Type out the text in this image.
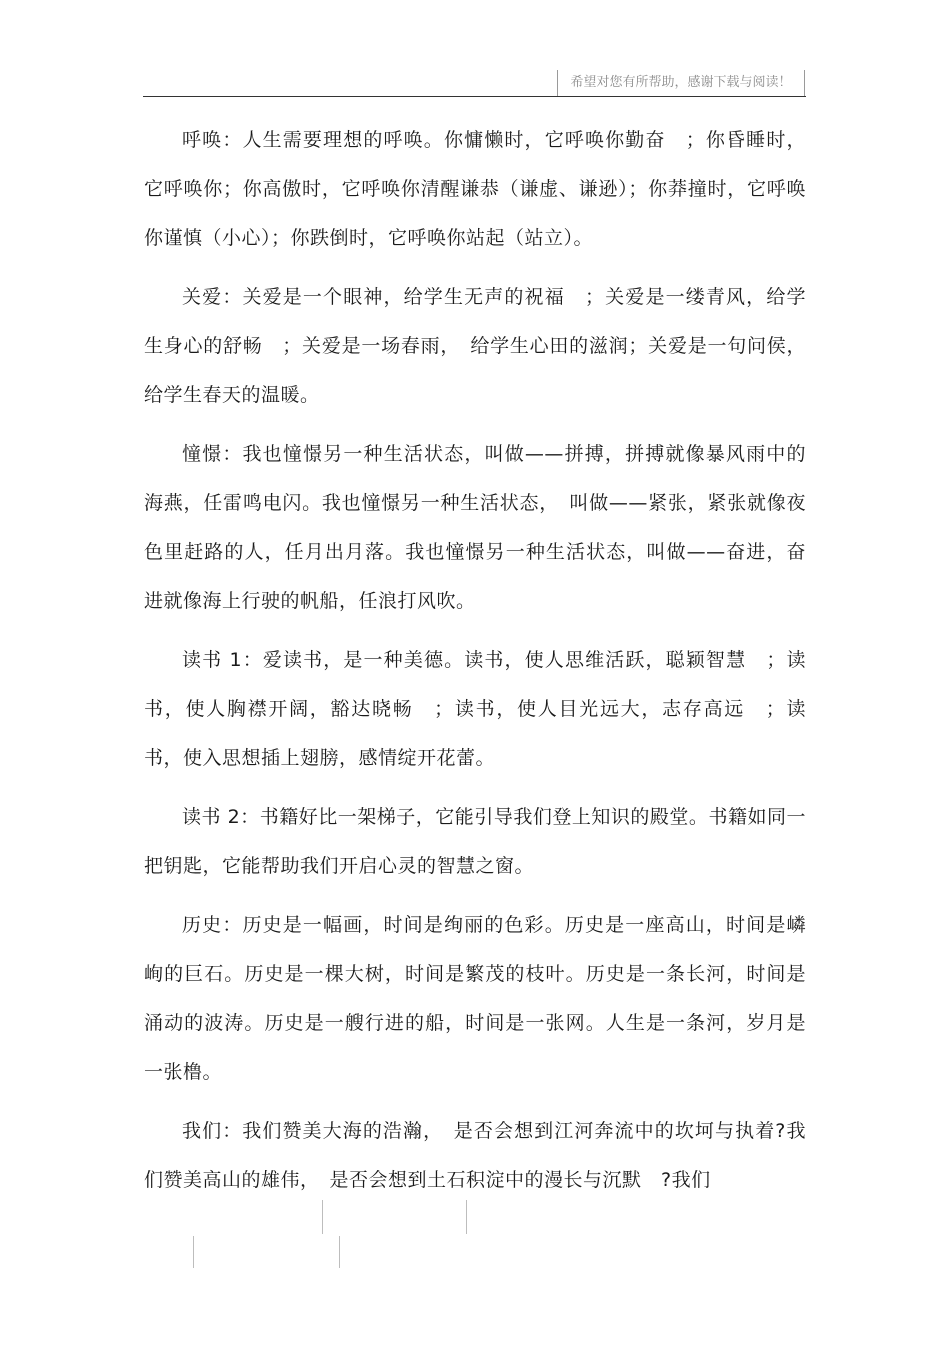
希望对您有所帮助，感谢下载与阅读！

呼唤：人生需要理想的呼唤。你慵懒时，它呼唤你勤奋　；你昏睡时，它呼唤你；你高傲时，它呼唤你清醒谦恭（谦虚、谦逊）；你莽撞时，它呼唤你谨慎（小心）；你跌倒时，它呼唤你站起（站立）。

关爱：关爱是一个眼神，给学生无声的祝福　；关爱是一缕青风，给学生身心的舒畅　；关爱是一场春雨，　给学生心田的滋润；关爱是一句问侯，给学生春天的温暖。

憧憬：我也憧憬另一种生活状态，叫做——拼搏，拼搏就像暴风雨中的海燕，任雷鸣电闪。我也憧憬另一种生活状态，　叫做——紧张，紧张就像夜色里赶路的人，任月出月落。我也憧憬另一种生活状态，叫做——奋进，奋进就像海上行驶的帆船，任浪打风吹。

读书 1：爱读书，是一种美德。读书，使人思维活跃，聪颖智慧　；读书，使人胸襟开阔，豁达晓畅　；读书，使人目光远大，志存高远　；读书，使入思想插上翅膀，感情绽开花蕾。

读书 2：书籍好比一架梯子，它能引导我们登上知识的殿堂。书籍如同一把钥匙，它能帮助我们开启心灵的智慧之窗。

历史：历史是一幅画，时间是绚丽的色彩。历史是一座高山，时间是嶙峋的巨石。历史是一棵大树，时间是繁茂的枝叶。历史是一条长河，时间是涌动的波涛。历史是一艘行进的船，时间是一张网。人生是一条河，岁月是一张橹。

我们：我们赞美大海的浩瀚，　是否会想到江河奔流中的坎坷与执着?我们赞美高山的雄伟，　是否会想到土石积淀中的漫长与沉默　?我们
